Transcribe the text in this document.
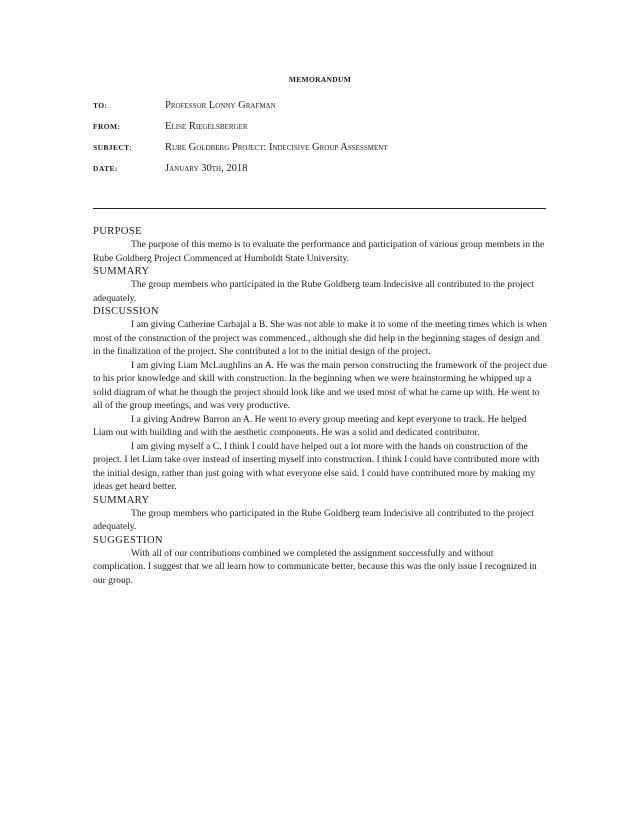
MEMORANDUM
TO:	Professor Lonny Grafman
FROM:	Elise Riegelsberger
SUBJECT:	Rube Goldberg Project: Indecisive Group Assessment
DATE:	January 30th, 2018
PURPOSE

The purpose of this memo is to evaluate the performance and participation of various group members in the Rube Goldberg Project Commenced at Humboldt State University.

SUMMARY

The group members who participated in the Rube Goldberg team Indecisive all contributed to the project adequately.

DISCUSSION

I am giving Catherine Carbajal a B. She was not able to make it to some of the meeting times which is when most of the construction of the project was commenced., although she did help in the beginning stages of design and in the finalization of the project. She contributed a lot to the initial design of the project.

I am giving Liam McLaughlins an A. He was the main person constructing the framework of the project due to his prior knowledge and skill with construction. In the beginning when we were brainstorming he whipped up a solid diagram of what he though the project should look like and we used most of what he came up with. He went to all of the group meetings, and was very productive.

I a giving Andrew Barron an A. He went to every group meeting and kept everyone to track. He helped Liam out with building and with the aesthetic components. He was a solid and dedicated contributor.

I am giving myself a C. I think I could have helped out a lot more with the hands on construction of the project. I let Liam take over instead of inserting myself into construction. I think I could have contributed more with the initial design, rather than just going with what everyone else said. I could have contributed more by making my ideas get heard better.

SUMMARY

The group members who participated in the Rube Goldberg team Indecisive all contributed to the project adequately.

SUGGESTION

With all of our contributions combined we completed the assignment successfully and without complication. I suggest that we all learn how to communicate better, because this was the only issue I recognized in our group.
